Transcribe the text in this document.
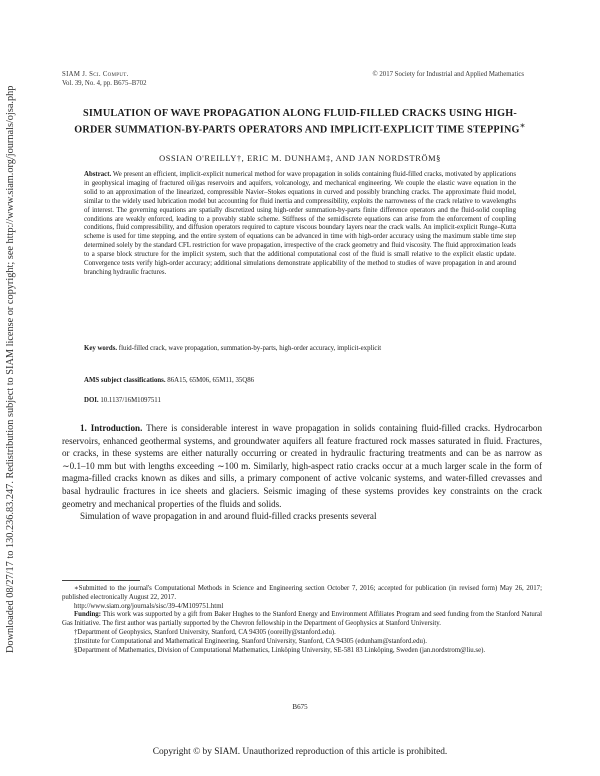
Downloaded 08/27/17 to 130.236.83.247. Redistribution subject to SIAM license or copyright; see http://www.siam.org/journals/ojsa.php
SIAM J. Sci. Comput.
Vol. 39, No. 4, pp. B675–B702
© 2017 Society for Industrial and Applied Mathematics
SIMULATION OF WAVE PROPAGATION ALONG FLUID-FILLED CRACKS USING HIGH-ORDER SUMMATION-BY-PARTS OPERATORS AND IMPLICIT-EXPLICIT TIME STEPPING∗
OSSIAN O'REILLY†, ERIC M. DUNHAM‡, AND JAN NORDSTRÖM§

Abstract. We present an efficient, implicit-explicit numerical method for wave propagation in solids containing fluid-filled cracks, motivated by applications in geophysical imaging of fractured oil/gas reservoirs and aquifers, volcanology, and mechanical engineering. We couple the elastic wave equation in the solid to an approximation of the linearized, compressible Navier–Stokes equations in curved and possibly branching cracks. The approximate fluid model, similar to the widely used lubrication model but accounting for fluid inertia and compressibility, exploits the narrowness of the crack relative to wavelengths of interest. The governing equations are spatially discretized using high-order summation-by-parts finite difference operators and the fluid-solid coupling conditions are weakly enforced, leading to a provably stable scheme. Stiffness of the semidiscrete equations can arise from the enforcement of coupling conditions, fluid compressibility, and diffusion operators required to capture viscous boundary layers near the crack walls. An implicit-explicit Runge–Kutta scheme is used for time stepping, and the entire system of equations can be advanced in time with high-order accuracy using the maximum stable time step determined solely by the standard CFL restriction for wave propagation, irrespective of the crack geometry and fluid viscosity. The fluid approximation leads to a sparse block structure for the implicit system, such that the additional computational cost of the fluid is small relative to the explicit elastic update. Convergence tests verify high-order accuracy; additional simulations demonstrate applicability of the method to studies of wave propagation in and around branching hydraulic fractures.

Key words. fluid-filled crack, wave propagation, summation-by-parts, high-order accuracy, implicit-explicit

AMS subject classifications. 86A15, 65M06, 65M11, 35Q86

DOI. 10.1137/16M1097511

1. Introduction. There is considerable interest in wave propagation in solids containing fluid-filled cracks. Hydrocarbon reservoirs, enhanced geothermal systems, and groundwater aquifers all feature fractured rock masses saturated in fluid. Fractures, or cracks, in these systems are either naturally occurring or created in hydraulic fracturing treatments and can be as narrow as ∼0.1–10 mm but with lengths exceeding ∼100 m. Similarly, high-aspect ratio cracks occur at a much larger scale in the form of magma-filled cracks known as dikes and sills, a primary component of active volcanic systems, and water-filled crevasses and basal hydraulic fractures in ice sheets and glaciers. Seismic imaging of these systems provides key constraints on the crack geometry and mechanical properties of the fluids and solids.

Simulation of wave propagation in and around fluid-filled cracks presents several

∗Submitted to the journal's Computational Methods in Science and Engineering section October 7, 2016; accepted for publication (in revised form) May 26, 2017; published electronically August 22, 2017.

http://www.siam.org/journals/sisc/39-4/M109751.html

Funding: This work was supported by a gift from Baker Hughes to the Stanford Energy and Environment Affiliates Program and seed funding from the Stanford Natural Gas Initiative. The first author was partially supported by the Chevron fellowship in the Department of Geophysics at Stanford University.

†Department of Geophysics, Stanford University, Stanford, CA 94305 (ooreilly@stanford.edu).

‡Institute for Computational and Mathematical Engineering, Stanford University, Stanford, CA 94305 (edunham@stanford.edu).

§Department of Mathematics, Division of Computational Mathematics, Linköping University, SE-581 83 Linköping, Sweden (jan.nordstrom@liu.se).

B675
Copyright © by SIAM. Unauthorized reproduction of this article is prohibited.
